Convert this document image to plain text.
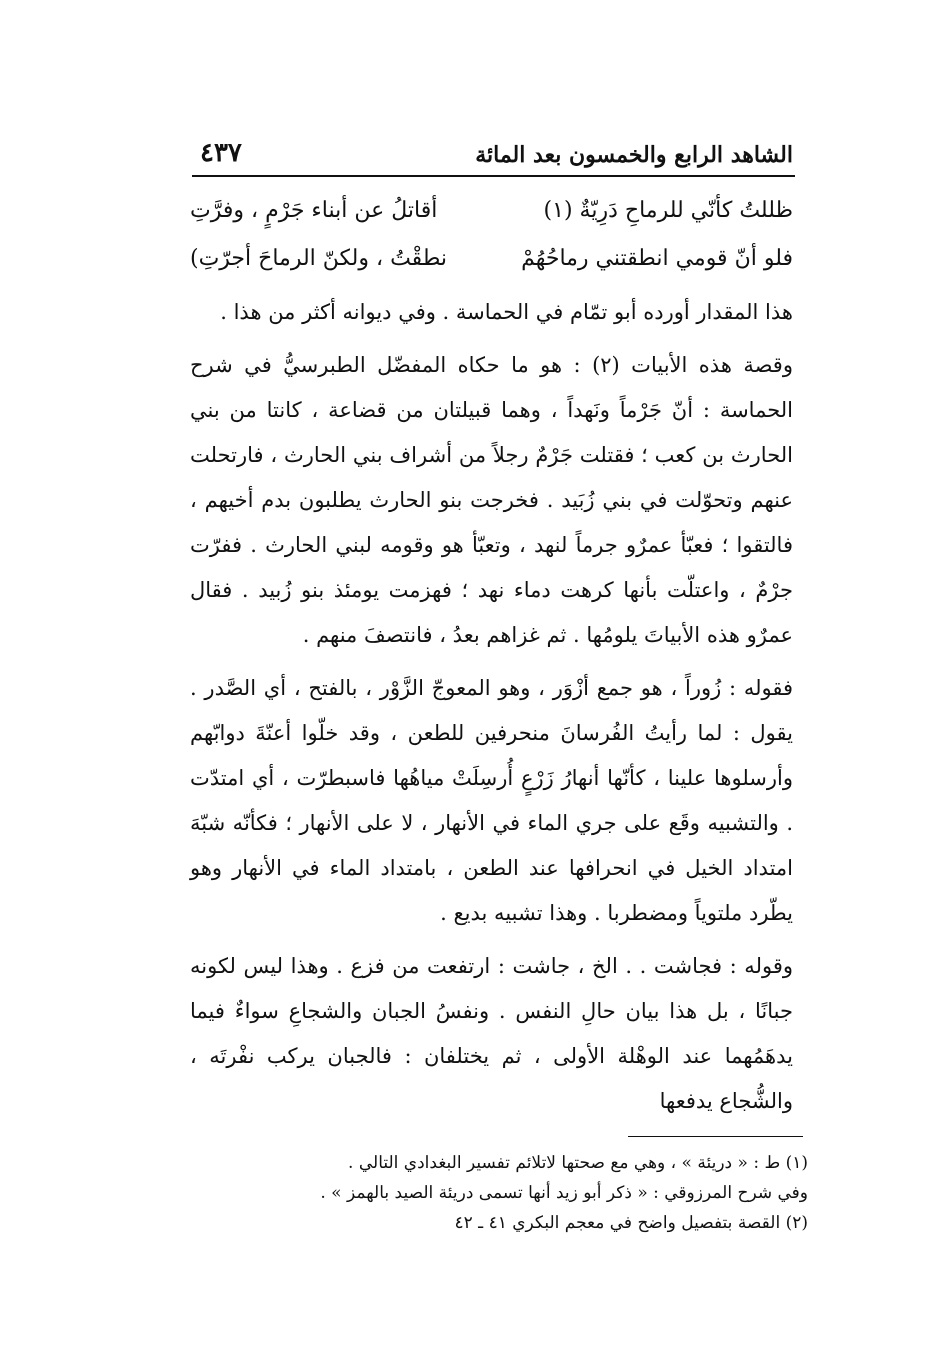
الشاهد الرابع والخمسون بعد المائة
٤٣٧
ظللتُ كأنّي للرماحِ دَرِيّةٌ (١)
أقاتلُ عن أبناء جَرْمٍ ، وفرَّتِ
فلو أنّ قومي انطقتني رماحُهُمْ
نطقْتُ ، ولكنّ الرماحَ أجرّتِ)

هذا المقدار أورده أبو تمّام في الحماسة . وفي ديوانه أكثر من هذا .

وقصة هذه الأبيات (٢) : هو ما حكاه المفضّل الطبرسيُّ في شرح الحماسة : أنّ جَرْماً ونَهداً ، وهما قبيلتان من قضاعة ، كانتا من بني الحارث بن كعب ؛ فقتلت جَرْمٌ رجلاً من أشراف بني الحارث ، فارتحلت عنهم وتحوّلت في بني زُبَيد . فخرجت بنو الحارث يطلبون بدم أخيهم ، فالتقوا ؛ فعبّأ عمرٌو جرماً لنهد ، وتعبّأ هو وقومه لبني الحارث . ففرّت جرْمٌ ، واعتلّت بأنها كرهت دماء نهد ؛ فهزمت يومئذ بنو زُبيد . فقال عمرٌو هذه الأبياتَ يلومُها . ثم غزاهم بعدُ ، فانتصفَ منهم .

فقوله : زُوراً ، هو جمع أزْوَر ، وهو المعوجّ الزَّوْر ، بالفتح ، أي الصَّدر . يقول : لما رأيتُ الفُرسانَ منحرفين للطعن ، وقد خلّوا أعنّةَ دوابّهم وأرسلوها علينا ، كأنّها أنهارُ زَرْعٍ أُرسِلَتْ مياهُها فاسبطرّت ، أي امتدّت . والتشبيه وقَع على جري الماء في الأنهار ، لا على الأنهار ؛ فكأنّه شبّهَ امتداد الخيل في انحرافها عند الطعن ، بامتداد الماء في الأنهار وهو يطّرد ملتوياً ومضطربا . وهذا تشبيه بديع .

وقوله : فجاشت . . الخ ، جاشت : ارتفعت من فزع . وهذا ليس لكونه جبانًا ، بل هذا بيان حالِ النفس . ونفسُ الجبان والشجاعِ سواءٌ فيما يدهَمُهما عند الوهْلة الأولى ، ثم يختلفان : فالجبان يركب نفْرتَه ، والشُّجاع يدفعها

(١) ط : « دريئة » ، وهي مع صحتها لاتلائم تفسير البغدادي التالي .

وفي شرح المرزوقي : « ذكر أبو زيد أنها تسمى دريئة الصيد بالهمز » .

(٢) القصة بتفصيل واضح في معجم البكري ٤١ ـ ٤٢
